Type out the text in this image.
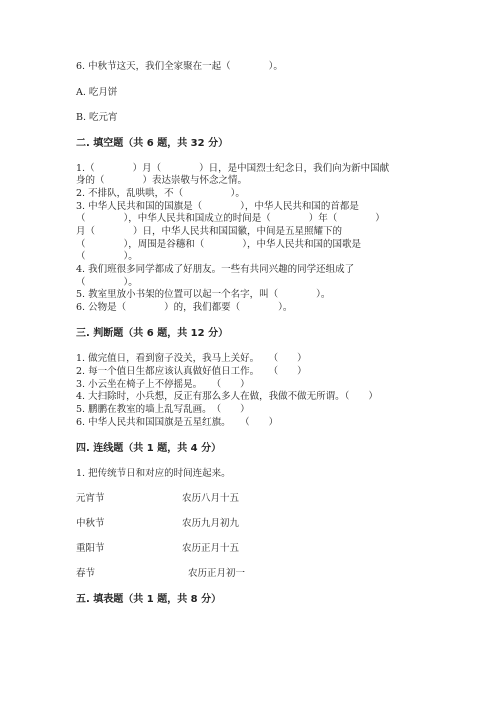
6. 中秋节这天，我们全家聚在一起（　　　　）。
A. 吃月饼
B. 吃元宵
二. 填空题（共 6 题，共 32 分）
1.（　　　　）月（　　　　）日，是中国烈士纪念日，我们向为新中国献
身的（　　　　）表达崇敬与怀念之情。
2. 不排队，乱哄哄，不（　　　　　）。
3. 中华人民共和国的国旗是（　　　　），中华人民共和国的首都是
（　　　　），中华人民共和国成立的时间是（　　　　）年（　　　　）
月（　　　　）日，中华人民共和国国徽，中间是五星照耀下的
（　　　　），周围是谷穗和（　　　　），中华人民共和国的国歌是
（　　　　）。
4. 我们班很多同学都成了好朋友。一些有共同兴趣的同学还组成了
（　　　　）。
5. 教室里放小书架的位置可以起一个名字，叫（　　　　）。
6. 公物是（　　　　）的，我们都要（　　　　）。
三. 判断题（共 6 题，共 12 分）
1. 做完值日，看到窗子没关，我马上关好。　　（　　）
2. 每一个值日生都应该认真做好值日工作。　　（　　）
3. 小云坐在椅子上不停摇晃。　　（　　）
4. 大扫除时，小兵想，反正有那么多人在做，我做不做无所谓。（　　）
5. 鹏鹏在教室的墙上乱写乱画。　（　　）
6. 中华人民共和国国旗是五星红旗。　　（　　）
四. 连线题（共 1 题，共 4 分）
1. 把传统节日和对应的时间连起来。
元宵节	农历八月十五
中秋节	农历九月初九
重阳节	农历正月十五
春节	农历正月初一
五. 填表题（共 1 题，共 8 分）
